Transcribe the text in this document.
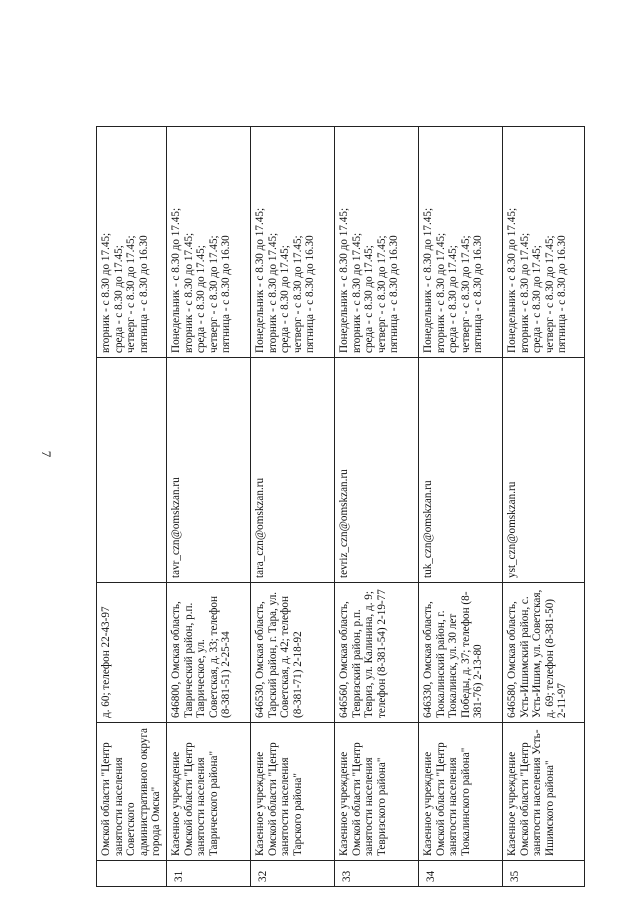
7
	Омской области "Центр занятости населения Советского административного округа города Омска"	д. 60; телефон 22-43-97		вторник - с 8.30 до 17.45; среда - с 8.30 до 17.45; четверг - с 8.30 до 17.45; пятница - с 8.30 до 16.30

31	Казенное учреждение Омской области "Центр занятости населения Таврического района"	646800, Омская область, Таврический район, р.п. Таврическое, ул. Советская, д. 33; телефон (8-381-51) 2-25-34	tavr_czn@omskzan.ru	Понедельник - с 8.30 до 17.45; вторник - с 8.30 до 17.45; среда - с 8.30 до 17.45; четверг - с 8.30 до 17.45; пятница - с 8.30 до 16.30

32	Казенное учреждение Омской области "Центр занятости населения Тарского района"	646530, Омская область, Тарский район, г. Тара, ул. Советская, д. 42; телефон (8-381-71) 2-18-92	tara_czn@omskzan.ru	Понедельник - с 8.30 до 17.45; вторник - с 8.30 до 17.45; среда - с 8.30 до 17.45; четверг - с 8.30 до 17.45; пятница - с 8.30 до 16.30

33	Казенное учреждение Омской области "Центр занятости населения Тевризского района"	646560, Омская область, Тевризский район, р.п. Тевриз, ул. Калинина, д. 9; телефон (8-381-54) 2-19-77	tevriz_czn@omskzan.ru	Понедельник - с 8.30 до 17.45; вторник - с 8.30 до 17.45; среда - с 8.30 до 17.45; четверг - с 8.30 до 17.45; пятница - с 8.30 до 16.30

34	Казенное учреждение Омской области "Центр занятости населения Тюкалинского района"	646330, Омская область, Тюкалинский район, г. Тюкалинск, ул. 30 лет Победы, д. 37; телефон (8-381-76) 2-13-80	tuk_czn@omskzan.ru	Понедельник - с 8.30 до 17.45; вторник - с 8.30 до 17.45; среда - с 8.30 до 17.45; четверг - с 8.30 до 17.45; пятница - с 8.30 до 16.30

35	Казенное учреждение Омской области "Центр занятости населения Усть-Ишимского района"	646580, Омская область, Усть-Ишимский район, с. Усть-Ишим, ул. Советская, д. 69; телефон (8-381-50) 2-11-97	yst_czn@omskzan.ru	Понедельник - с 8.30 до 17.45; вторник - с 8.30 до 17.45; среда - с 8.30 до 17.45; четверг - с 8.30 до 17.45; пятница - с 8.30 до 16.30
